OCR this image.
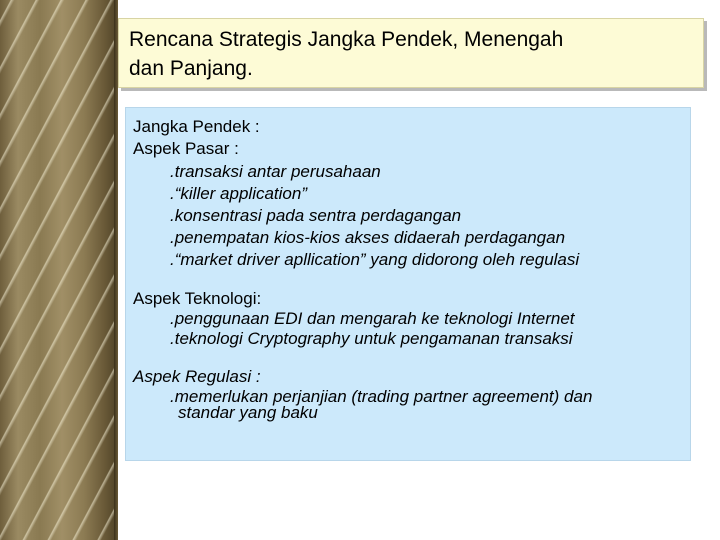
Rencana Strategis Jangka Pendek, Menengah
dan Panjang.
Jangka Pendek :
Aspek Pasar :
.transaksi antar perusahaan
.“killer application”
.konsentrasi pada sentra perdagangan
.penempatan kios-kios akses didaerah perdagangan
.“market driver apllication” yang didorong oleh regulasi
Aspek Teknologi:
.penggunaan EDI dan mengarah ke teknologi Internet
.teknologi Cryptography untuk pengamanan transaksi
Aspek Regulasi :
.memerlukan perjanjian (trading partner agreement) dan
standar yang baku
